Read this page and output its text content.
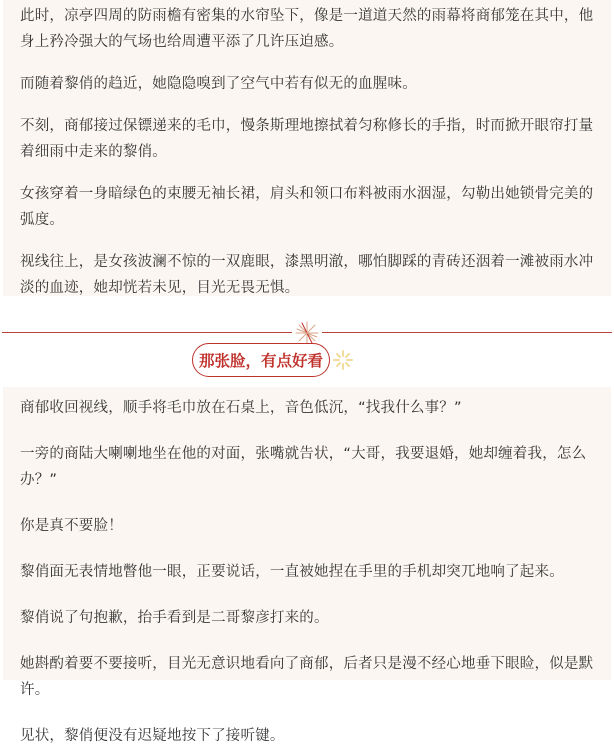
此时，凉亭四周的防雨檐有密集的水帘坠下，像是一道道天然的雨幕将商郁笼在其中，他身上矜冷强大的气场也给周遭平添了几许压迫感。

而随着黎俏的趋近，她隐隐嗅到了空气中若有似无的血腥味。

不刻，商郁接过保镖递来的毛巾，慢条斯理地擦拭着匀称修长的手指，时而掀开眼帘打量着细雨中走来的黎俏。

女孩穿着一身暗绿色的束腰无袖长裙，肩头和领口布料被雨水洇湿，勾勒出她锁骨完美的弧度。

视线往上，是女孩波澜不惊的一双鹿眼，漆黑明澈，哪怕脚踩的青砖还洇着一滩被雨水冲淡的血迹，她却恍若未见，目光无畏无惧。

那张脸，有点好看

商郁收回视线，顺手将毛巾放在石桌上，音色低沉，“找我什么事？”

一旁的商陆大喇喇地坐在他的对面，张嘴就告状，“大哥，我要退婚，她却缠着我，怎么办？”

你是真不要脸！

黎俏面无表情地瞥他一眼，正要说话，一直被她捏在手里的手机却突兀地响了起来。

黎俏说了句抱歉，抬手看到是二哥黎彦打来的。

她斟酌着要不要接听，目光无意识地看向了商郁，后者只是漫不经心地垂下眼睑，似是默许。

见状，黎俏便没有迟疑地按下了接听键。
